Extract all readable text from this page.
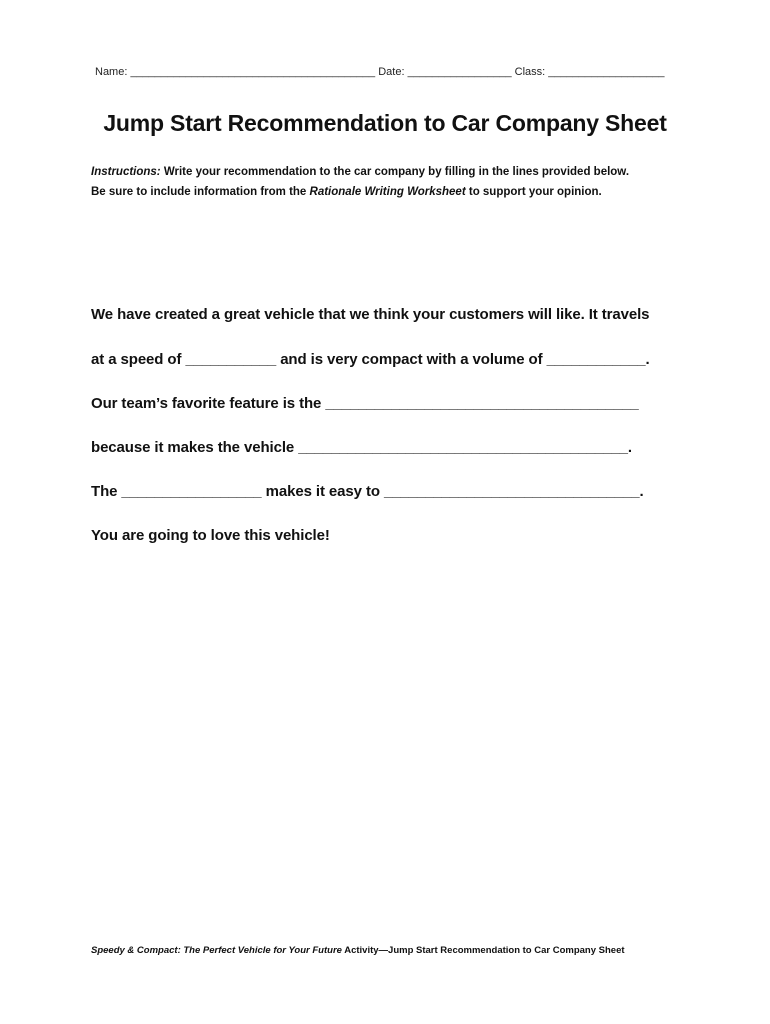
Name: ________________________________________ Date: _________________ Class: ___________________
Jump Start Recommendation to Car Company Sheet
Instructions: Write your recommendation to the car company by filling in the lines provided below.
Be sure to include information from the Rationale Writing Worksheet to support your opinion.
We have created a great vehicle that we think your customers will like. It travels
at a speed of ___________ and is very compact with a volume of ____________.
Our team’s favorite feature is the ______________________________________
because it makes the vehicle ________________________________________.
The _________________ makes it easy to _______________________________.
You are going to love this vehicle!
Speedy & Compact: The Perfect Vehicle for Your Future Activity—Jump Start Recommendation to Car Company Sheet
